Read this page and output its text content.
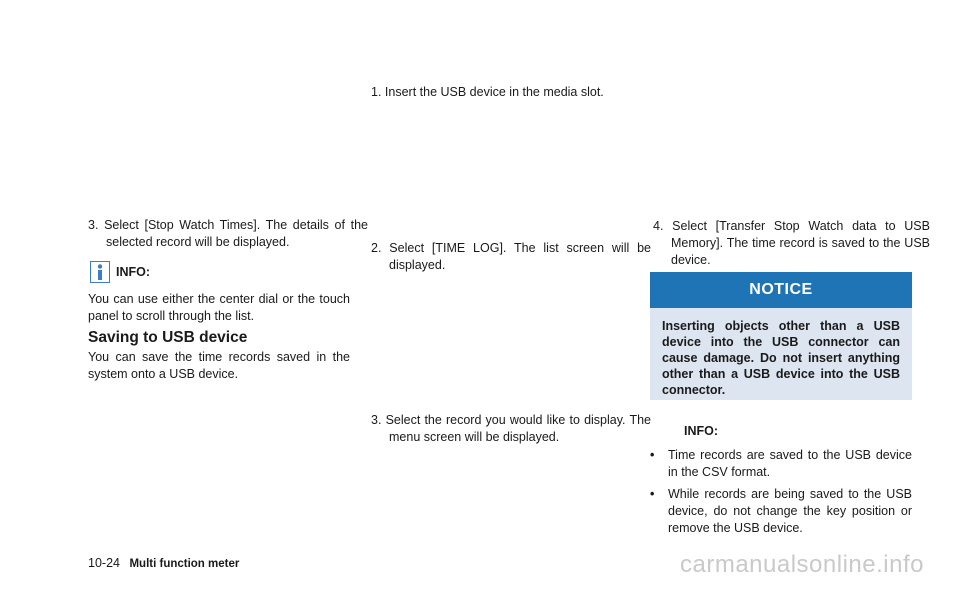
3. Select [Stop Watch Times]. The details of the selected record will be displayed.
INFO:
You can use either the center dial or the touch panel to scroll through the list.
Saving to USB device
You can save the time records saved in the system onto a USB device.
1. Insert the USB device in the media slot.
2. Select [TIME LOG]. The list screen will be displayed.
3. Select the record you would like to display. The menu screen will be displayed.
4. Select [Transfer Stop Watch data to USB Memory]. The time record is saved to the USB device.
NOTICE
Inserting objects other than a USB device into the USB connector can cause damage. Do not insert anything other than a USB device into the USB connector.
INFO:
•	Time records are saved to the USB device in the CSV format.
•	While records are being saved to the USB device, do not change the key position or remove the USB device.
10-24 Multi function meter	carmanualsonline.info
